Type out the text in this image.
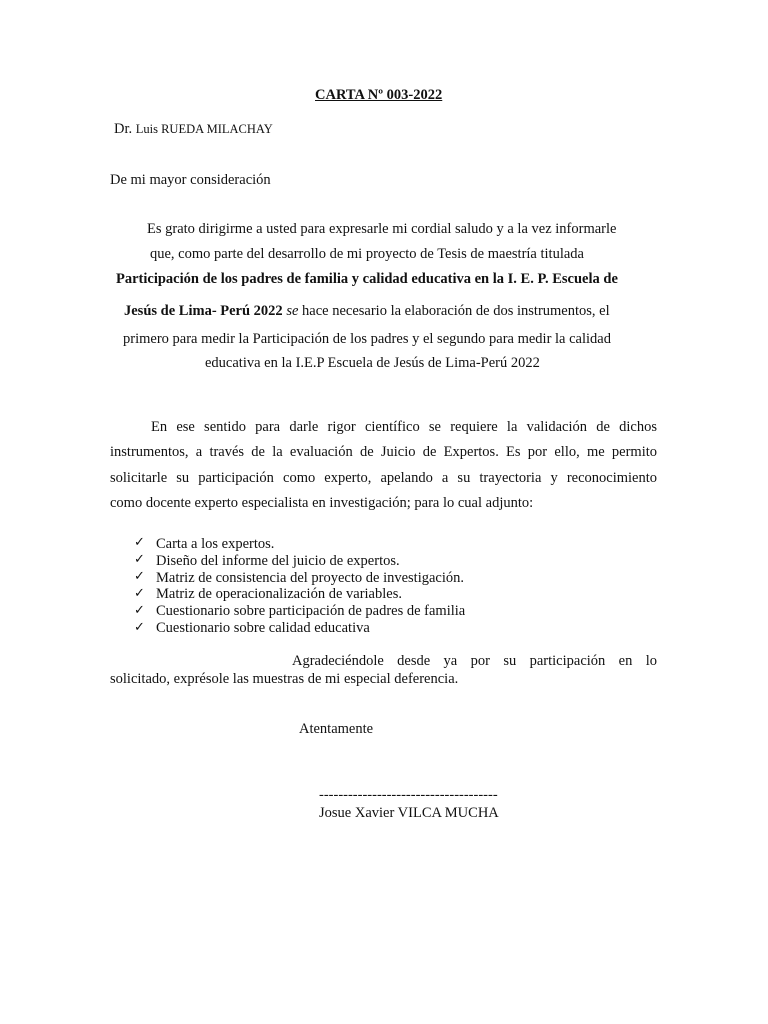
CARTA Nº 003-2022
Dr. Luis RUEDA MILACHAY
De mi mayor consideración
Es grato dirigirme a usted para expresarle mi cordial saludo y a la vez informarle
que, como parte del desarrollo de mi proyecto de Tesis de maestría titulada
Participación de los padres de familia y calidad educativa en la I. E. P. Escuela de
Jesús de Lima- Perú 2022 se hace necesario la elaboración de dos instrumentos, el
primero para medir la Participación de los padres y el segundo para medir la calidad
educativa en la I.E.P Escuela de Jesús de Lima-Perú 2022
En ese sentido para darle rigor científico se requiere la validación de dichos
instrumentos, a través de la evaluación de Juicio de Expertos. Es por ello, me permito
solicitarle su participación como experto, apelando a su trayectoria y reconocimiento
como docente experto especialista en investigación; para lo cual adjunto:
✓ Carta a los expertos.
✓ Diseño del informe del juicio de expertos.
✓ Matriz de consistencia del proyecto de investigación.
✓ Matriz de operacionalización de variables.
✓ Cuestionario sobre participación de padres de familia
✓ Cuestionario sobre calidad educativa
Agradeciéndole desde ya por su participación en lo
solicitado, exprésole las muestras de mi especial deferencia.
Atentamente
-------------------------------------
Josue Xavier VILCA MUCHA
